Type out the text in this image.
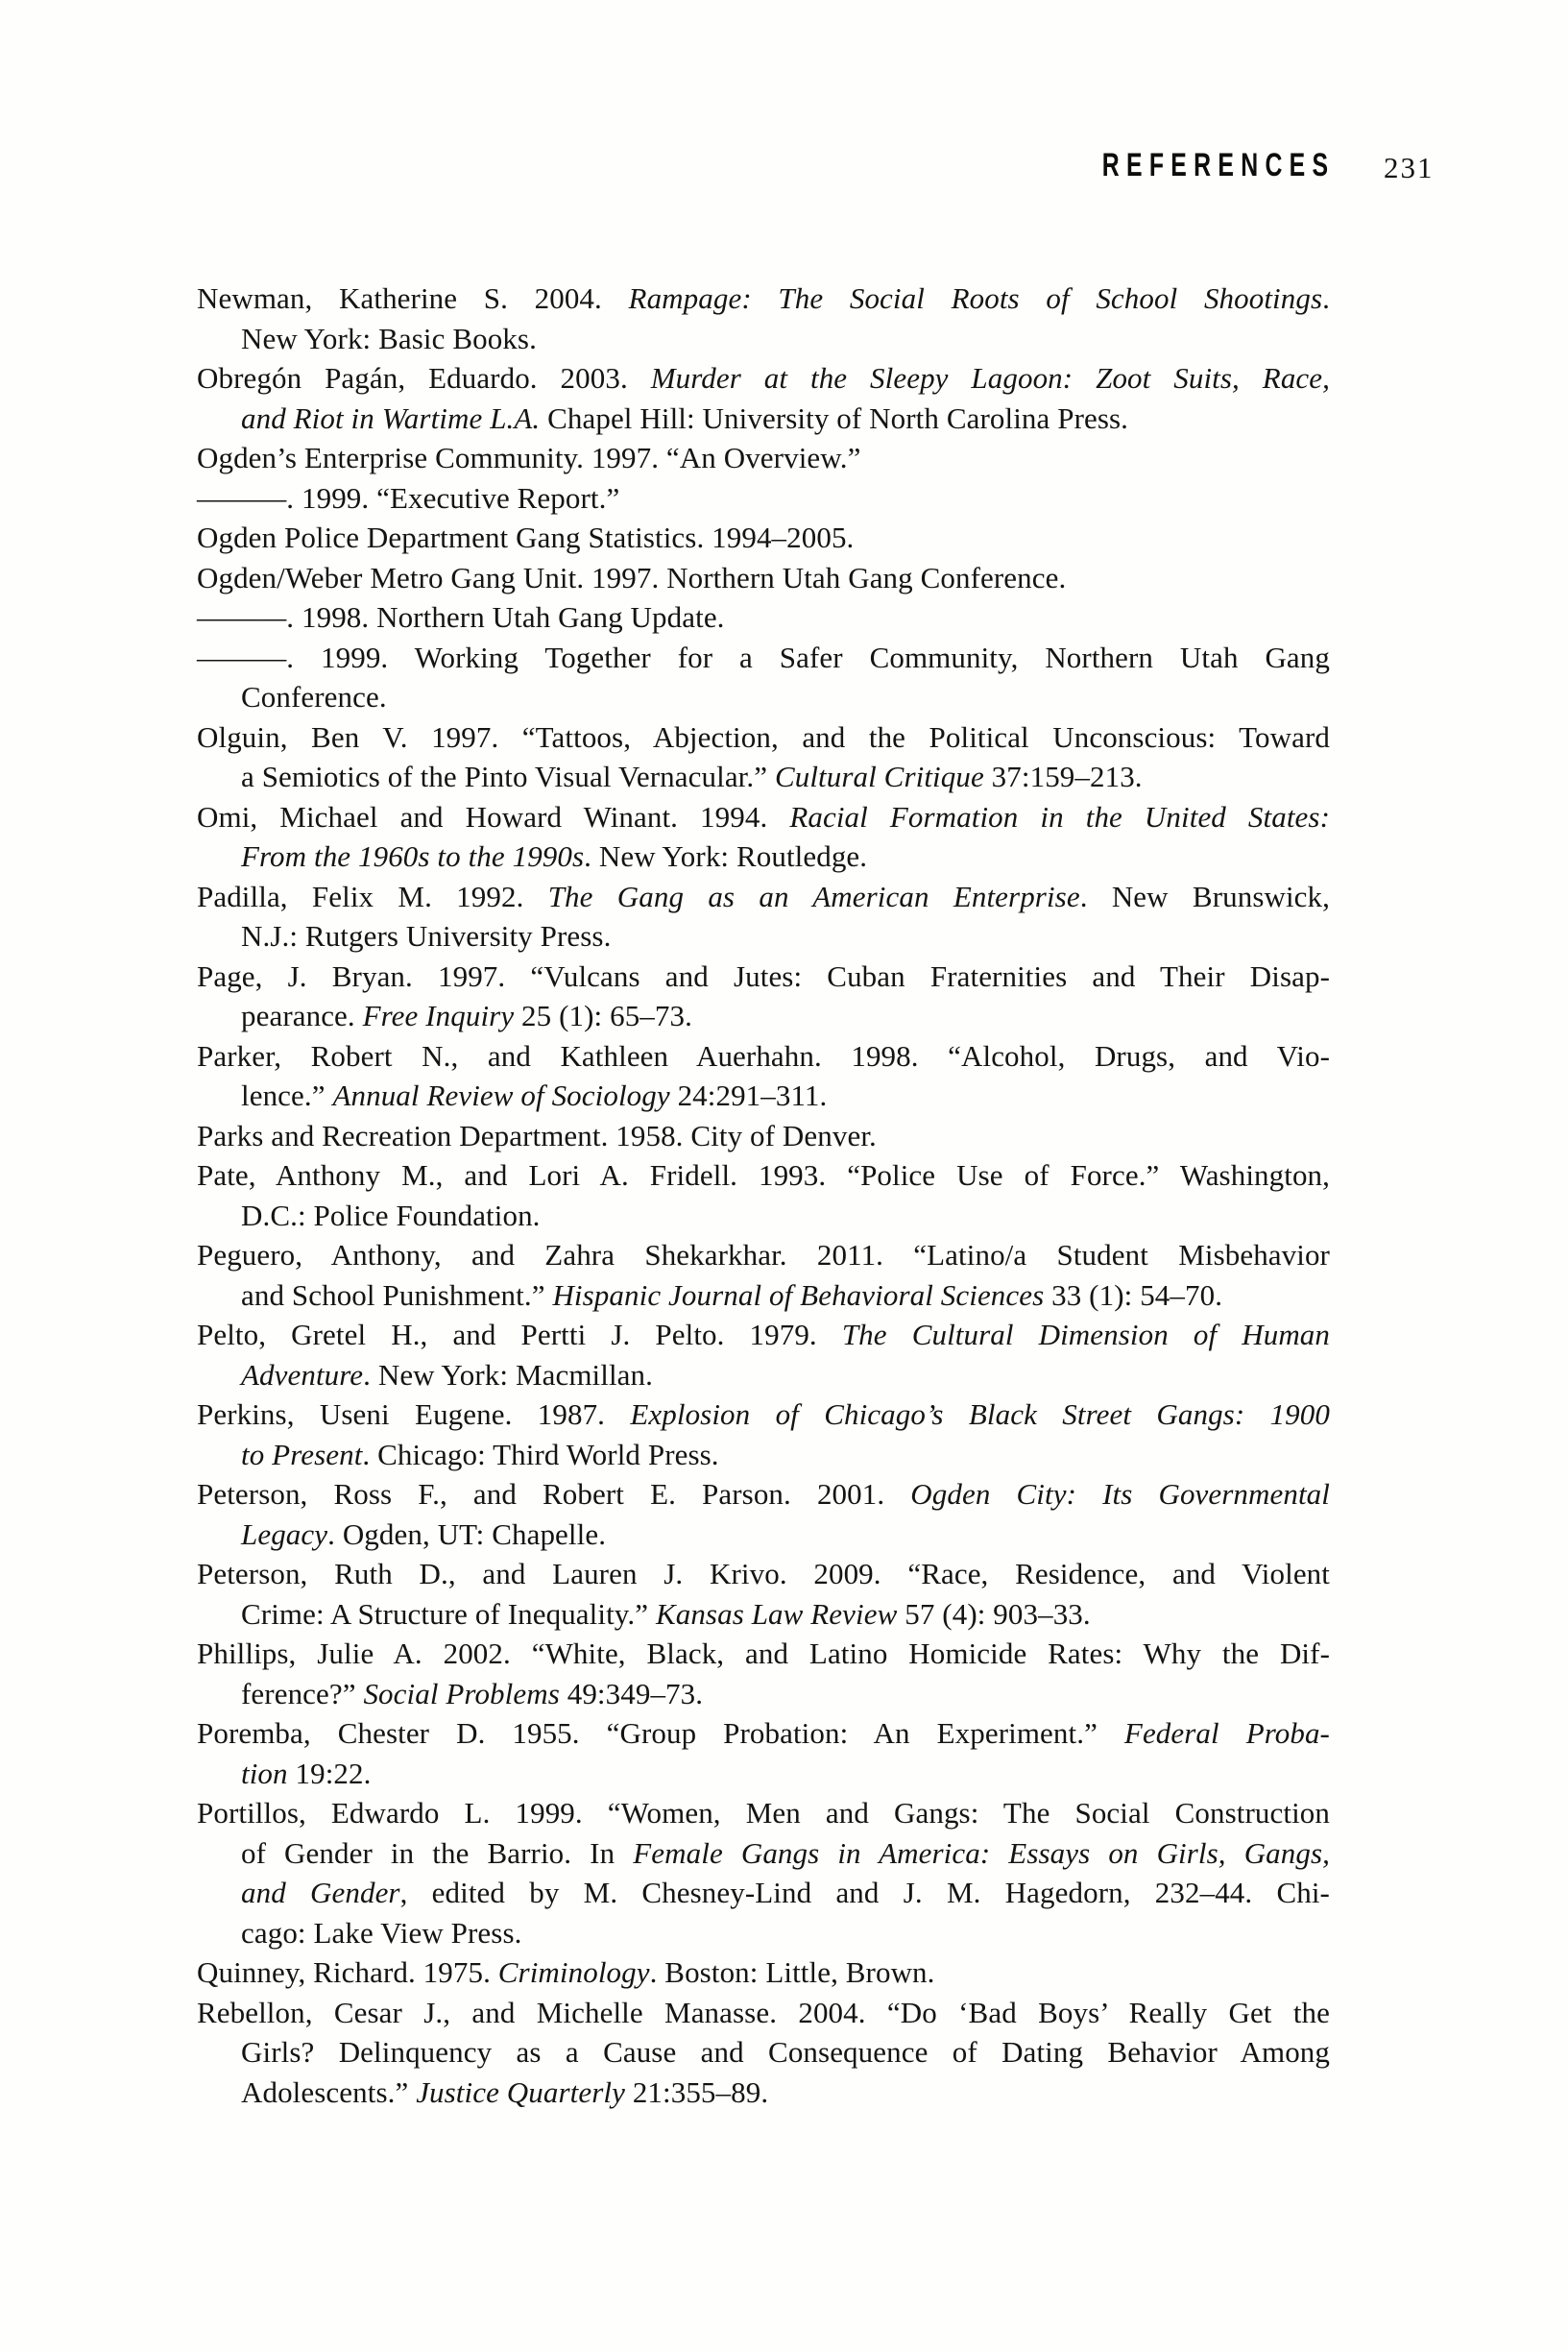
REFERENCES 231

Newman, Katherine S. 2004. Rampage: The Social Roots of School Shootings.
New York: Basic Books.

Obregón Pagán, Eduardo. 2003. Murder at the Sleepy Lagoon: Zoot Suits, Race,
and Riot in Wartime L.A. Chapel Hill: University of North Carolina Press.

Ogden’s Enterprise Community. 1997. “An Overview.”

———. 1999. “Executive Report.”

Ogden Police Department Gang Statistics. 1994–2005.

Ogden/Weber Metro Gang Unit. 1997. Northern Utah Gang Conference.

———. 1998. Northern Utah Gang Update.

———. 1999. Working Together for a Safer Community, Northern Utah Gang
Conference.

Olguin, Ben V. 1997. “Tattoos, Abjection, and the Political Unconscious: Toward
a Semiotics of the Pinto Visual Vernacular.” Cultural Critique 37:159–213.

Omi, Michael and Howard Winant. 1994. Racial Formation in the United States:
From the 1960s to the 1990s. New York: Routledge.

Padilla, Felix M. 1992. The Gang as an American Enterprise. New Brunswick,
N.J.: Rutgers University Press.

Page, J. Bryan. 1997. “Vulcans and Jutes: Cuban Fraternities and Their Disap-
pearance. Free Inquiry 25 (1): 65–73.

Parker, Robert N., and Kathleen Auerhahn. 1998. “Alcohol, Drugs, and Vio-
lence.” Annual Review of Sociology 24:291–311.

Parks and Recreation Department. 1958. City of Denver.

Pate, Anthony M., and Lori A. Fridell. 1993. “Police Use of Force.” Washington,
D.C.: Police Foundation.

Peguero, Anthony, and Zahra Shekarkhar. 2011. “Latino/a Student Misbehavior
and School Punishment.” Hispanic Journal of Behavioral Sciences 33 (1): 54–70.

Pelto, Gretel H., and Pertti J. Pelto. 1979. The Cultural Dimension of Human
Adventure. New York: Macmillan.

Perkins, Useni Eugene. 1987. Explosion of Chicago’s Black Street Gangs: 1900
to Present. Chicago: Third World Press.

Peterson, Ross F., and Robert E. Parson. 2001. Ogden City: Its Governmental
Legacy. Ogden, UT: Chapelle.

Peterson, Ruth D., and Lauren J. Krivo. 2009. “Race, Residence, and Violent
Crime: A Structure of Inequality.” Kansas Law Review 57 (4): 903–33.

Phillips, Julie A. 2002. “White, Black, and Latino Homicide Rates: Why the Dif-
ference?” Social Problems 49:349–73.

Poremba, Chester D. 1955. “Group Probation: An Experiment.” Federal Proba-
tion 19:22.

Portillos, Edwardo L. 1999. “Women, Men and Gangs: The Social Construction
of Gender in the Barrio. In Female Gangs in America: Essays on Girls, Gangs,
and Gender, edited by M. Chesney-Lind and J. M. Hagedorn, 232–44. Chi-
cago: Lake View Press.

Quinney, Richard. 1975. Criminology. Boston: Little, Brown.

Rebellon, Cesar J., and Michelle Manasse. 2004. “Do ‘Bad Boys’ Really Get the
Girls? Delinquency as a Cause and Consequence of Dating Behavior Among
Adolescents.” Justice Quarterly 21:355–89.
